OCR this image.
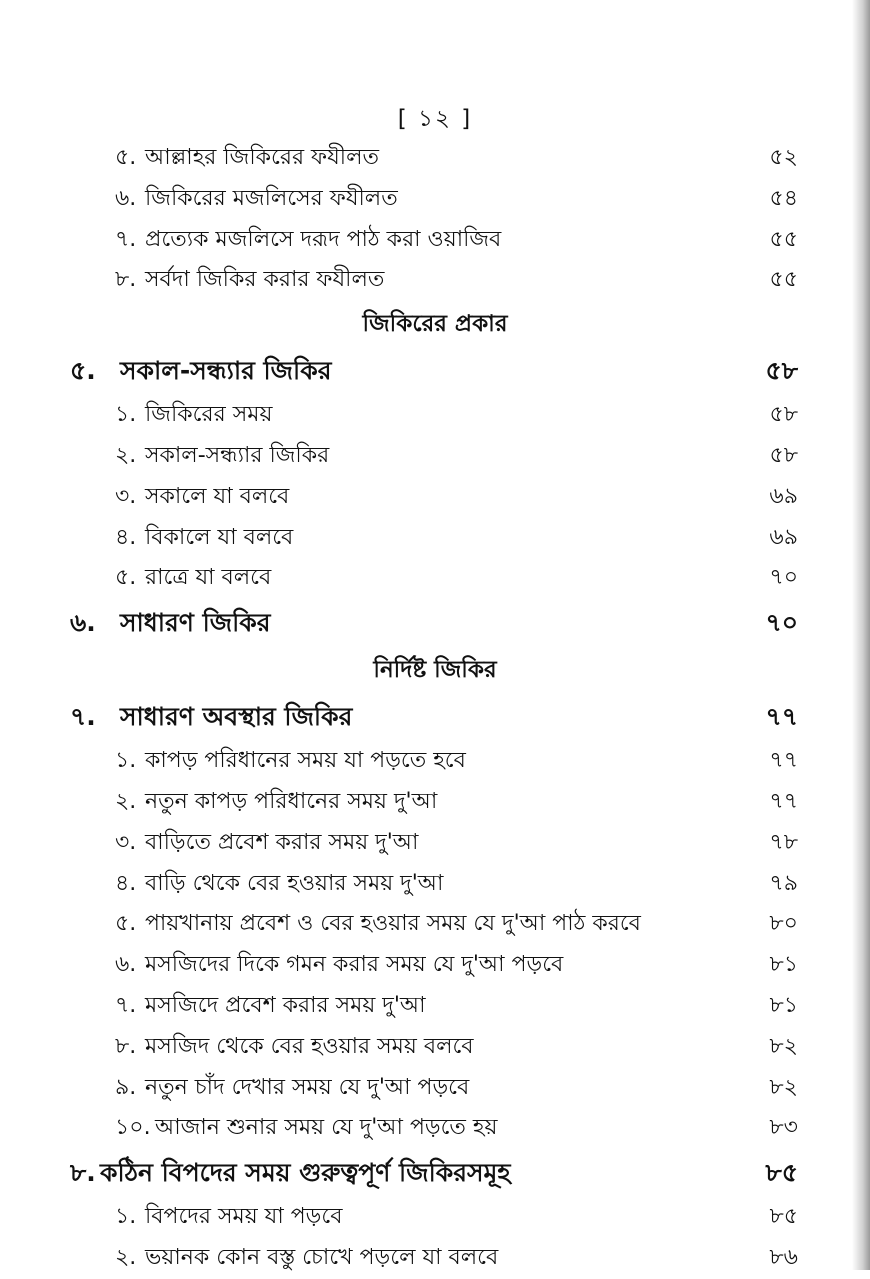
[ ১২ ]
৫. আল্লাহর জিকিরের ফযীলত	৫২
৬. জিকিরের মজলিসের ফযীলত	৫৪
৭. প্রত্যেক মজলিসে দরূদ পাঠ করা ওয়াজিব	৫৫
৮. সর্বদা জিকির করার ফযীলত	৫৫
জিকিরের প্রকার
৫. সকাল-সন্ধ্যার জিকির	৫৮
১. জিকিরের সময়	৫৮
২. সকাল-সন্ধ্যার জিকির	৫৮
৩. সকালে যা বলবে	৬৯
৪. বিকালে যা বলবে	৬৯
৫. রাত্রে যা বলবে	৭০
৬. সাধারণ জিকির	৭০
নির্দিষ্ট জিকির
৭. সাধারণ অবস্থার জিকির	৭৭
১. কাপড় পরিধানের সময় যা পড়তে হবে	৭৭
২. নতুন কাপড় পরিধানের সময় দু'আ	৭৭
৩. বাড়িতে প্রবেশ করার সময় দু'আ	৭৮
৪. বাড়ি থেকে বের হওয়ার সময় দু'আ	৭৯
৫. পায়খানায় প্রবেশ ও বের হওয়ার সময় যে দু'আ পাঠ করবে	৮০
৬. মসজিদের দিকে গমন করার সময় যে দু'আ পড়বে	৮১
৭. মসজিদে প্রবেশ করার সময় দু'আ	৮১
৮. মসজিদ থেকে বের হওয়ার সময় বলবে	৮২
৯. নতুন চাঁদ দেখার সময় যে দু'আ পড়বে	৮২
১০. আজান শুনার সময় যে দু'আ পড়তে হয়	৮৩
৮. কঠিন বিপদের সময় গুরুত্বপূর্ণ জিকিরসমূহ	৮৫
১. বিপদের সময় যা পড়বে	৮৫
২. ভয়ানক কোন বস্তু চোখে পড়লে যা বলবে	৮৬
